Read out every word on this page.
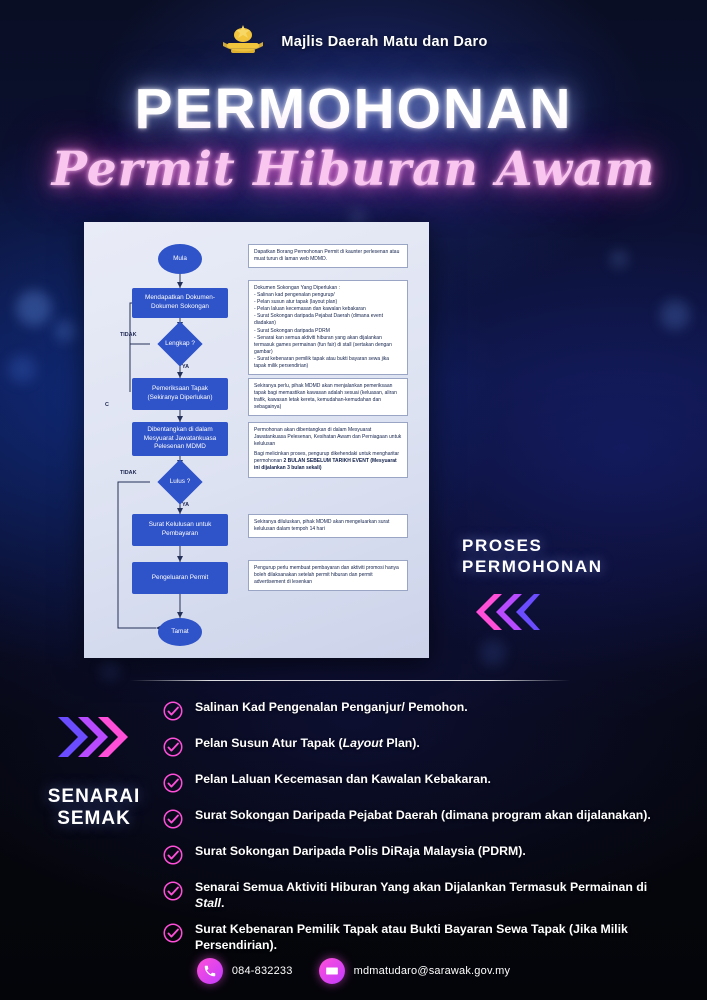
Majlis Daerah Matu dan Daro
PERMOHONAN
Permit Hiburan Awam
Mula
Mendapatkan Dokumen- Dokumen Sokongan
Lengkap ?
Pemeriksaan Tapak (Sekiranya Diperlukan)
Dibentangkan di dalam Mesyuarat Jawatankuasa Pelesenan MDMD
Lulus ?
Surat Kelulusan untuk Pembayaran
Pengeluaran Permit
Tamat
TIDAK
YA
TIDAK
YA
C
Dapatkan Borang Permohonan Permit di kaunter perlesenan atau muat turun di laman web MDMD.
Dokumen Sokongan Yang Diperlukan :
- Salinan kad pengenalan pengurup/
- Pelan susun atur tapak (layout plan)
- Pelan laluan kecemasan dan kawalan kebakaran
- Surat Sokongan daripada Pejabat Daerah (dimana event diadakan)
- Surat Sokongan daripada PDRM
- Senarai kan semua aktiviti hiburan yang akan dijalankan termasuk games permainan (fun fair) di stall (sertakan dengan gambar)
- Surat kebenaran pemilik tapak atau bukti bayaran sewa jika tapak milik persendirian)
Sekiranya perlu, pihak MDMD akan menjalankan pemeriksaan tapak bagi memastikan kawasan adalah sesuai (keluasan, aliran trafik, kawasan letak kereta, kemudahan-kemudahan dan sebagainya)
Permohonan akan dibentangkan di dalam Mesyuarat Jawatankuasa Pelesenan, Kesihatan Awam dan Perniagaan untuk kelulusan
Bagi melicinkan proses, pengurup dikehendaki untuk mengharitar permohonan 2 BULAN SEBELUM TARIKH EVENT (Mesyuarat ini dijalankan 3 bulan sekali)
Sekiranya diluluskan, pihak MDMD akan mengeluarkan surat kelulusan dalam tempoh 14 hari
Pengurup perlu membuat pembayaran dan aktiviti promosi hanya boleh dilaksanakan setelah permit hiburan dan permit advertisement di lesenkan
PROSES
PERMOHONAN
SENARAI
SEMAK
Salinan Kad Pengenalan Penganjur/ Pemohon.
Pelan Susun Atur Tapak (Layout Plan).
Pelan Laluan Kecemasan dan Kawalan Kebakaran.
Surat Sokongan Daripada Pejabat Daerah (dimana program akan dijalanakan).
Surat Sokongan Daripada Polis DiRaja Malaysia (PDRM).
Senarai Semua Aktiviti Hiburan Yang akan Dijalankan Termasuk Permainan di Stall.
Surat Kebenaran Pemilik Tapak atau Bukti Bayaran Sewa Tapak (Jika Milik Persendirian).
084-832233	mdmatudaro@sarawak.gov.my
